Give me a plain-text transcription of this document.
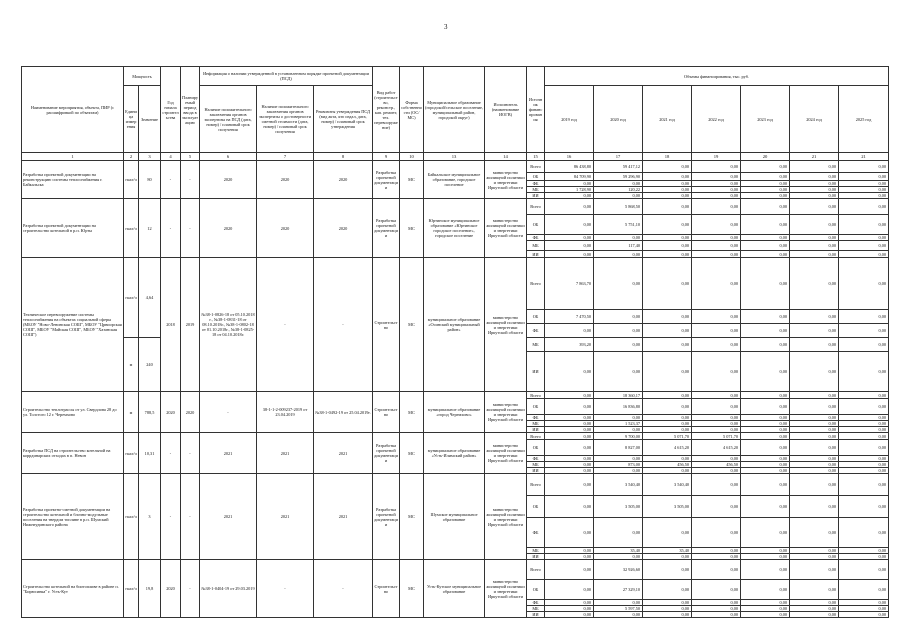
3
Наименование мероприятия, объекта, ПИР (с расшифровкой по объектам)	Мощность		Год начала строительства	Планируемый период ввода в эксплуатацию	Информация о наличии утвержденной в установленном порядке проектной документации (ПСД)			Вид работ (строительство, реконстр., кап. ремонт, тех. перевооружение)	Форма собственности (ОС/МС)	Муниципальное образование (городской/сельское поселение, муниципальный район, городской округ)	Исполнитель (наименование ИОГВ)	Источник финансирования	Объемы финансирования, тыс. руб.						
	Единица измерения	Значение			Наличие положительного заключения органов экспертизы на ПСД (дата, номер) / плановый срок получения	Наличие положительного заключения органов экспертизы о достоверности сметной стоимости (дата, номер) / плановый срок получения	Реквизиты утверждения ПСД (вид акта, кто издал, дата, номер) / плановый срок утверждения						2019 год	2020 год	2021 год	2022 год	2023 год	2024 год	2025 год
1	2	3	4	5	6	7	8	9	10	13	14	15	16	17	18	19	20	21	21
Разработка проектной документации на реконструкцию системы теплоснабжения г. Байкальска	гкал/ч	80	-	-	2020	2020	2020	Разработка проектной документации	МС	Байкальское муниципальное образование, городское поселение	министерство жилищной политики и энергетики Иркутской области	Всего	86 438,80	59 417,12	0,00	0,00	0,00	0,00	0,00
												ОБ	84 709,90	59 296,90	0,00	0,00	0,00	0,00	0,00
												ФБ	0,00	0,00	0,00	0,00	0,00	0,00	0,00
												МБ	1 728,90	120,22	0,00	0,00	0,00	0,00	0,00
												ИИ	0,00	0,00	0,00	0,00	0,00	0,00	0,00
Разработка проектной документации на строительство котельной в р.п. Юрты	гкал/ч	12	-	-	2020	2020	2020	Разработка проектной документации	МС	Юртинское муниципальное образование «Юртинское городское поселение», городское поселение	министерство жилищной политики и энергетики Иркутской области	Всего	0,00	5 868,50	0,00	0,00	0,00	0,00	0,00
												ОБ	0,00	5 751,10	0,00	0,00	0,00	0,00	0,00
												ФБ	0,00	0,00	0,00	0,00	0,00	0,00	0,00
												МБ	0,00	117,40	0,00	0,00	0,00	0,00	0,00
												ИИ	0,00	0,00	0,00	0,00	0,00	0,00	0,00
Техническое перевооружение системы теплоснабжения на объектах социальной сферы (МБОУ "Ново-Ленинская СОШ", МБОУ "Црвиорская СОШ", МБОУ "Майская СОШ", МБОУ "Хазанская СОШ")	гкал/ч	4,64	2018	2019	№38-1-0826-18 от 05.10.2018 г., №38-1-0831-18 от 08.10.2018г., №38-1-0802-18 от 01.10.2018г., №38-1-0825-18 от 04.10.2018г.	-	-	Строительство	МС	муниципальное образование «Осинский муниципальный район»	министерство жилищной политики и энергетики Иркутской области	Всего	7 863,70	0,00	0,00	0,00	0,00	0,00	0,00
												ОБ	7 470,50	0,00	0,00	0,00	0,00	0,00	0,00
												ФБ	0,00	0,00	0,00	0,00	0,00	0,00	0,00
	м	240										МБ	393,20	0,00	0,00	0,00	0,00	0,00	0,00
												ИИ	0,00	0,00	0,00	0,00	0,00	0,00	0,00
Строительство теплотрассы от ул. Свердлова 28 до ул. Толстого 12 г. Черемхово	м	788,5	2020	2020	-	38-1-1-2-009237-2019 от 23.04.2019	№38-1-0492-19 от 25.04.2019г.	Строительство	МС	муниципальное образование «город Черемхово»	министерство жилищной политики и энергетики Иркутской области	Всего	0,00	18 360,17	0,00	0,00	0,00	0,00	0,00
												ОБ	0,00	16 836,80	0,00	0,00	0,00	0,00	0,00
												ФБ	0,00	0,00	0,00	0,00	0,00	0,00	0,00
												МБ	0,00	1 523,37	0,00	0,00	0,00	0,00	0,00
												ИИ	0,00	0,00	0,00	0,00	0,00	0,00	0,00
Разработка ПСД на строительство котельной на коррдинарских отходах в п. Невон	гкал/ч	10,31	-	-	2021	2021	2021	Разработка проектной документации	МС	муниципальное образование «Усть-Илимский район»	министерство жилищной политики и энергетики Иркутской области	Всего	0,00	9 700,00	5 071,70	5 071,70	0,00	0,00	0,00
												ОБ	0,00	8 827,00	4 615,20	4 615,20	0,00	0,00	0,00
												ФБ	0,00	0,00	0,00	0,00	0,00	0,00	0,00
												МБ	0,00	873,00	456,50	456,50	0,00	0,00	0,00
												ИИ	0,00	0,00	0,00	0,00	0,00	0,00	0,00
Разработка проектно-сметной документации на строительство котельной и блочно-модульные поселения на твердом топливе в р.п. Шумский Нижнеудинского района	гкал/ч	3	-	-	2021	2021	2021	Разработка проектной документации	МС	Шумское муниципальное образование	министерство жилищной политики и энергетики Иркутской области	Всего	0,00	3 540,40	3 540,40	0,00	0,00	0,00	0,00
												ОБ	0,00	3 505,00	3 505,00	0,00	0,00	0,00	0,00
												ФБ	0,00	0,00	0,00	0,00	0,00	0,00	0,00
												МБ	0,00	35,40	35,40	0,00	0,00	0,00	0,00
												ИИ	0,00	0,00	0,00	0,00	0,00	0,00	0,00
Строительство котельной на биотопливе в районе п. "Бирюсинка" г. Усть-Кут	гкал/ч	19,8	2020	-	№38-1-0404-19 от 29.03.2019	-	-	Строительство	МС	Усть-Кутское муниципальное образование	министерство жилищной политики и энергетики Иркутской области	Всего	0,00	32 926,60	0,00	0,00	0,00	0,00	0,00
												ОБ	0,00	27 329,10	0,00	0,00	0,00	0,00	0,00
												ФБ	0,00	0,00	0,00	0,00	0,00	0,00	0,00
												МБ	0,00	5 597,50	0,00	0,00	0,00	0,00	0,00
												ИИ	0,00	0,00	0,00	0,00	0,00	0,00	0,00
